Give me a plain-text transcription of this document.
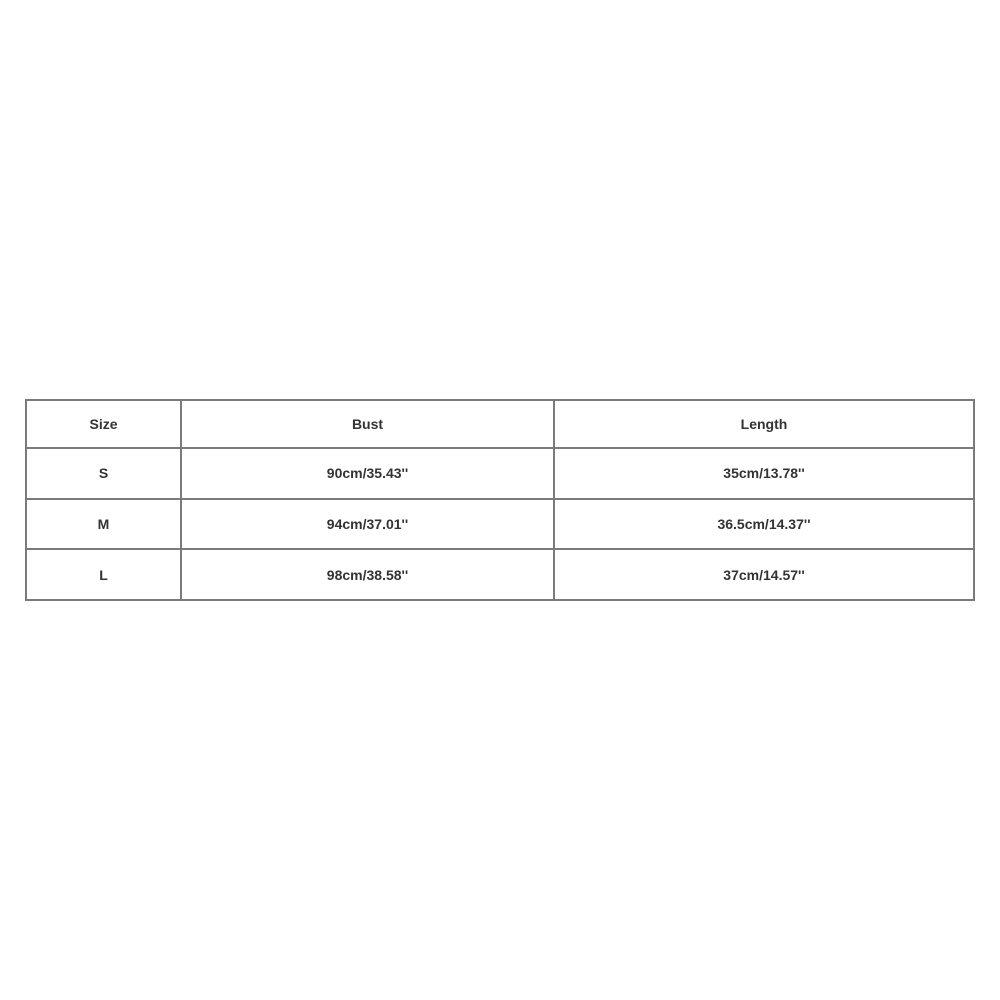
Size	Bust	Length
S	90cm/35.43''	35cm/13.78''
M	94cm/37.01''	36.5cm/14.37''
L	98cm/38.58''	37cm/14.57''
